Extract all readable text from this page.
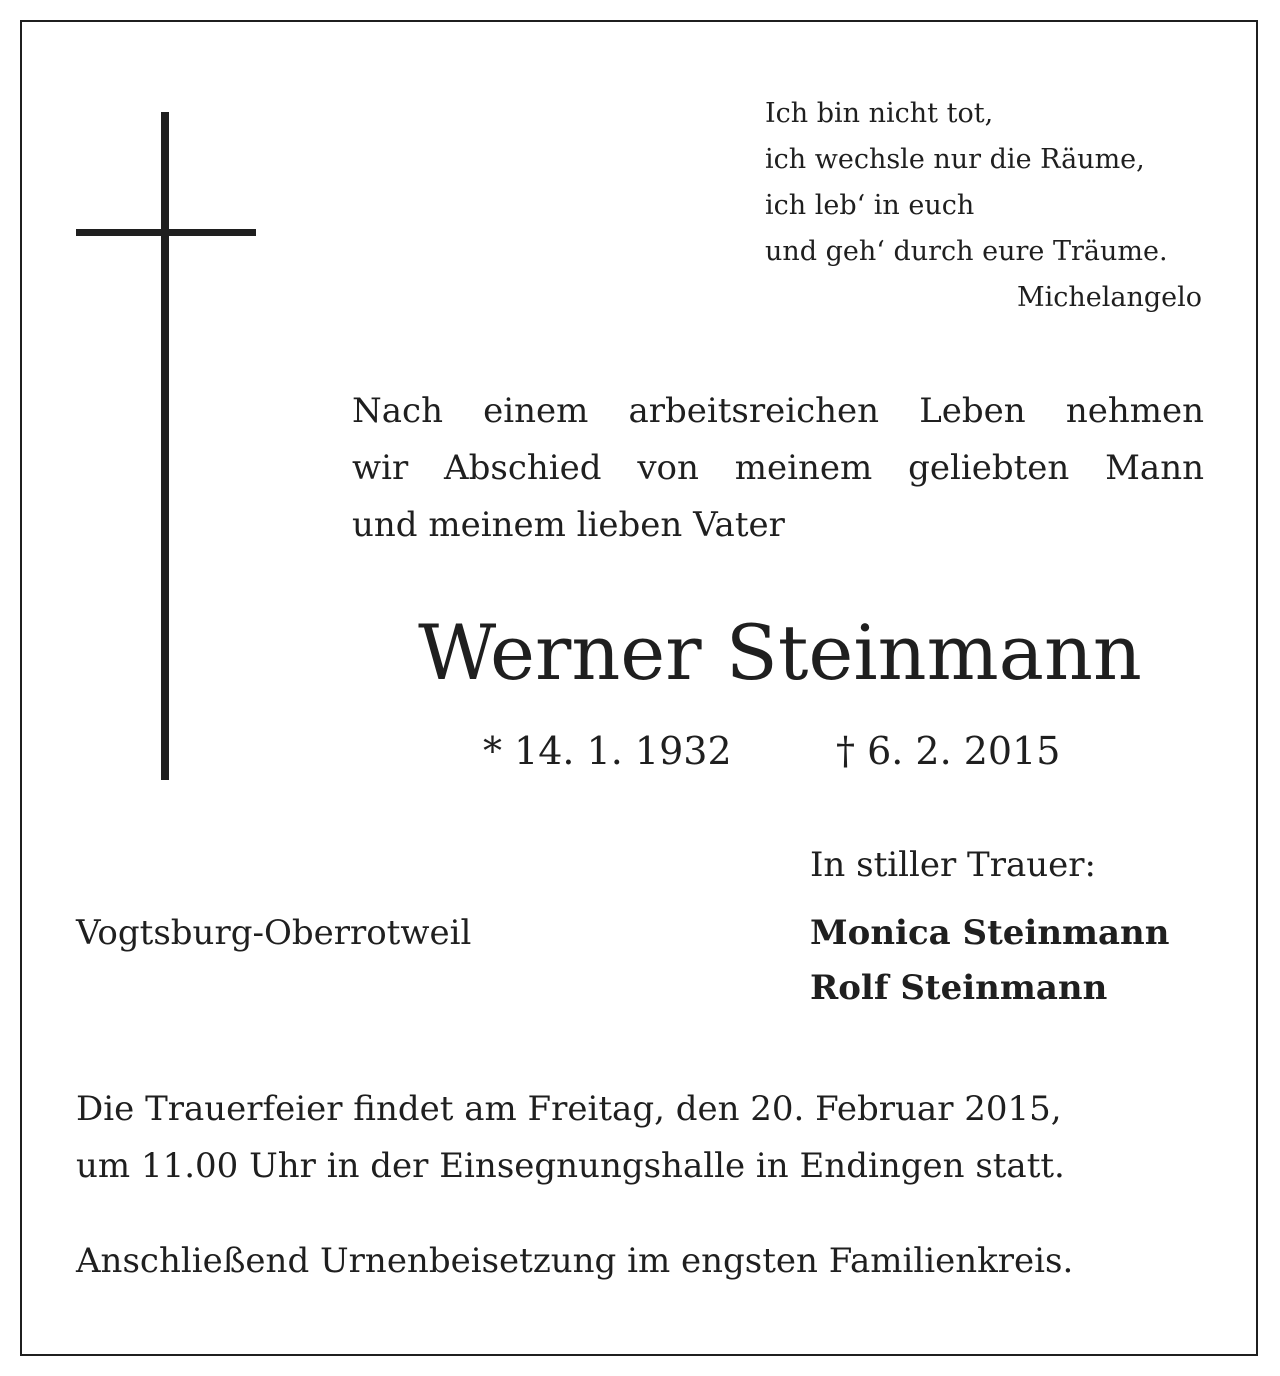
Ich bin nicht tot,
ich wechsle nur die Räume,
ich leb‘ in euch
und geh‘ durch eure Träume.
Michelangelo
Nach einem arbeitsreichen Leben nehmen
wir Abschied von meinem geliebten Mann
und meinem lieben Vater
Werner Steinmann
* 14. 1. 1932	† 6. 2. 2015
In stiller Trauer:
Vogtsburg-Oberrotweil	Monica Steinmann
Rolf Steinmann
Die Trauerfeier findet am Freitag, den 20. Februar 2015,
um 11.00 Uhr in der Einsegnungshalle in Endingen statt.
Anschließend Urnenbeisetzung im engsten Familienkreis.
